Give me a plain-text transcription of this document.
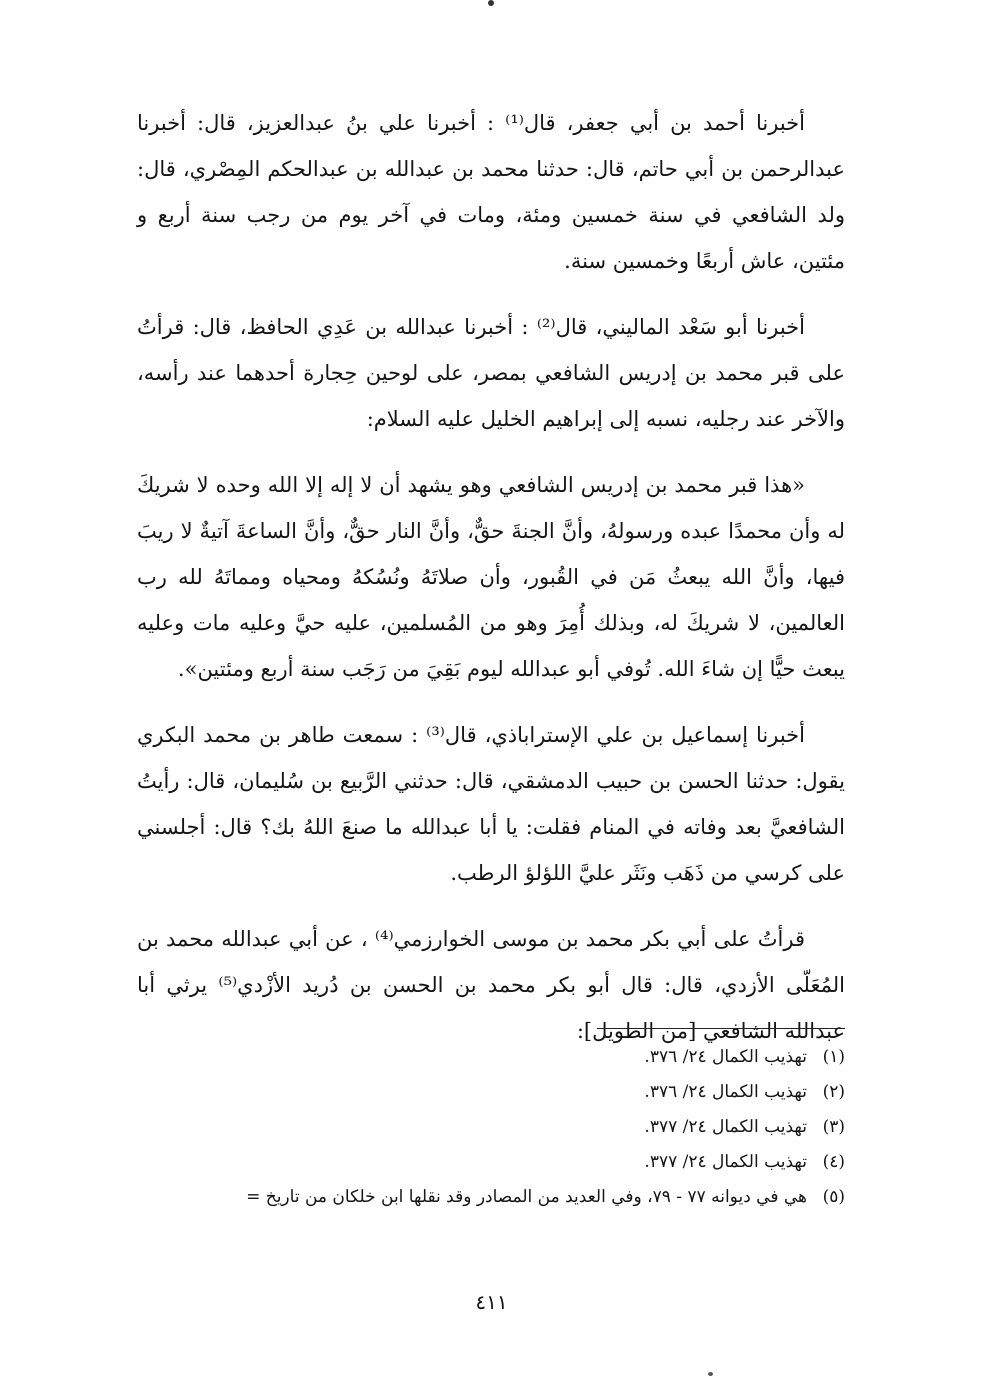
أخبرنا أحمد بن أبي جعفر، قال⁽¹⁾ : أخبرنا علي بنُ عبدالعزيز، قال: أخبرنا عبدالرحمن بن أبي حاتم، قال: حدثنا محمد بن عبدالله بن عبدالحكم المِصْري، قال: ولد الشافعي في سنة خمسين ومئة، ومات في آخر يوم من رجب سنة أربع و مئتين، عاش أربعًا وخمسين سنة.

أخبرنا أبو سَعْد الماليني، قال⁽²⁾ : أخبرنا عبدالله بن عَدِي الحافظ، قال: قرأتُ على قبر محمد بن إدريس الشافعي بمصر، على لوحين حِجارة أحدهما عند رأسه، والآخر عند رجليه، نسبه إلى إبراهيم الخليل عليه السلام:

«هذا قبر محمد بن إدريس الشافعي وهو يشهد أن لا إله إلا الله وحده لا شريكَ له وأن محمدًا عبده ورسولهُ، وأنَّ الجنةَ حقٌّ، وأنَّ النار حقٌّ، وأنَّ الساعةَ آتيةٌ لا ريبَ فيها، وأنَّ الله يبعثُ مَن في القُبور، وأن صلاتَهُ ونُسُكهُ ومحياه ومماتَهُ لله رب العالمين، لا شريكَ له، وبذلك أُمِرَ وهو من المُسلمين، عليه حيَّ وعليه مات وعليه يبعث حيًّا إن شاءَ الله. تُوفي أبو عبدالله ليوم بَقِيَ من رَجَب سنة أربع ومئتين».

أخبرنا إسماعيل بن علي الإستراباذي، قال⁽³⁾ : سمعت طاهر بن محمد البكري يقول: حدثنا الحسن بن حبيب الدمشقي، قال: حدثني الرَّبيع بن سُليمان، قال: رأيتُ الشافعيَّ بعد وفاته في المنام فقلت: يا أبا عبدالله ما صنعَ اللهُ بك؟ قال: أجلسني على كرسي من ذَهَب ونَثَر عليَّ اللؤلؤ الرطب.

قرأتُ على أبي بكر محمد بن موسى الخوارزمي⁽⁴⁾ ، عن أبي عبدالله محمد بن المُعَلّى الأزدي، قال: قال أبو بكر محمد بن الحسن بن دُريد الأزْدي⁽⁵⁾ يرثي أبا عبدالله الشافعي [من الطويل]:

(١)
تهذيب الكمال ٢٤/ ٣٧٦.
(٢)
تهذيب الكمال ٢٤/ ٣٧٦.
(٣)
تهذيب الكمال ٢٤/ ٣٧٧.
(٤)
تهذيب الكمال ٢٤/ ٣٧٧.
(٥)
هي في ديوانه ٧٧ - ٧٩، وفي العديد من المصادر وقد نقلها ابن خلكان من تاريخ =
٤١١
